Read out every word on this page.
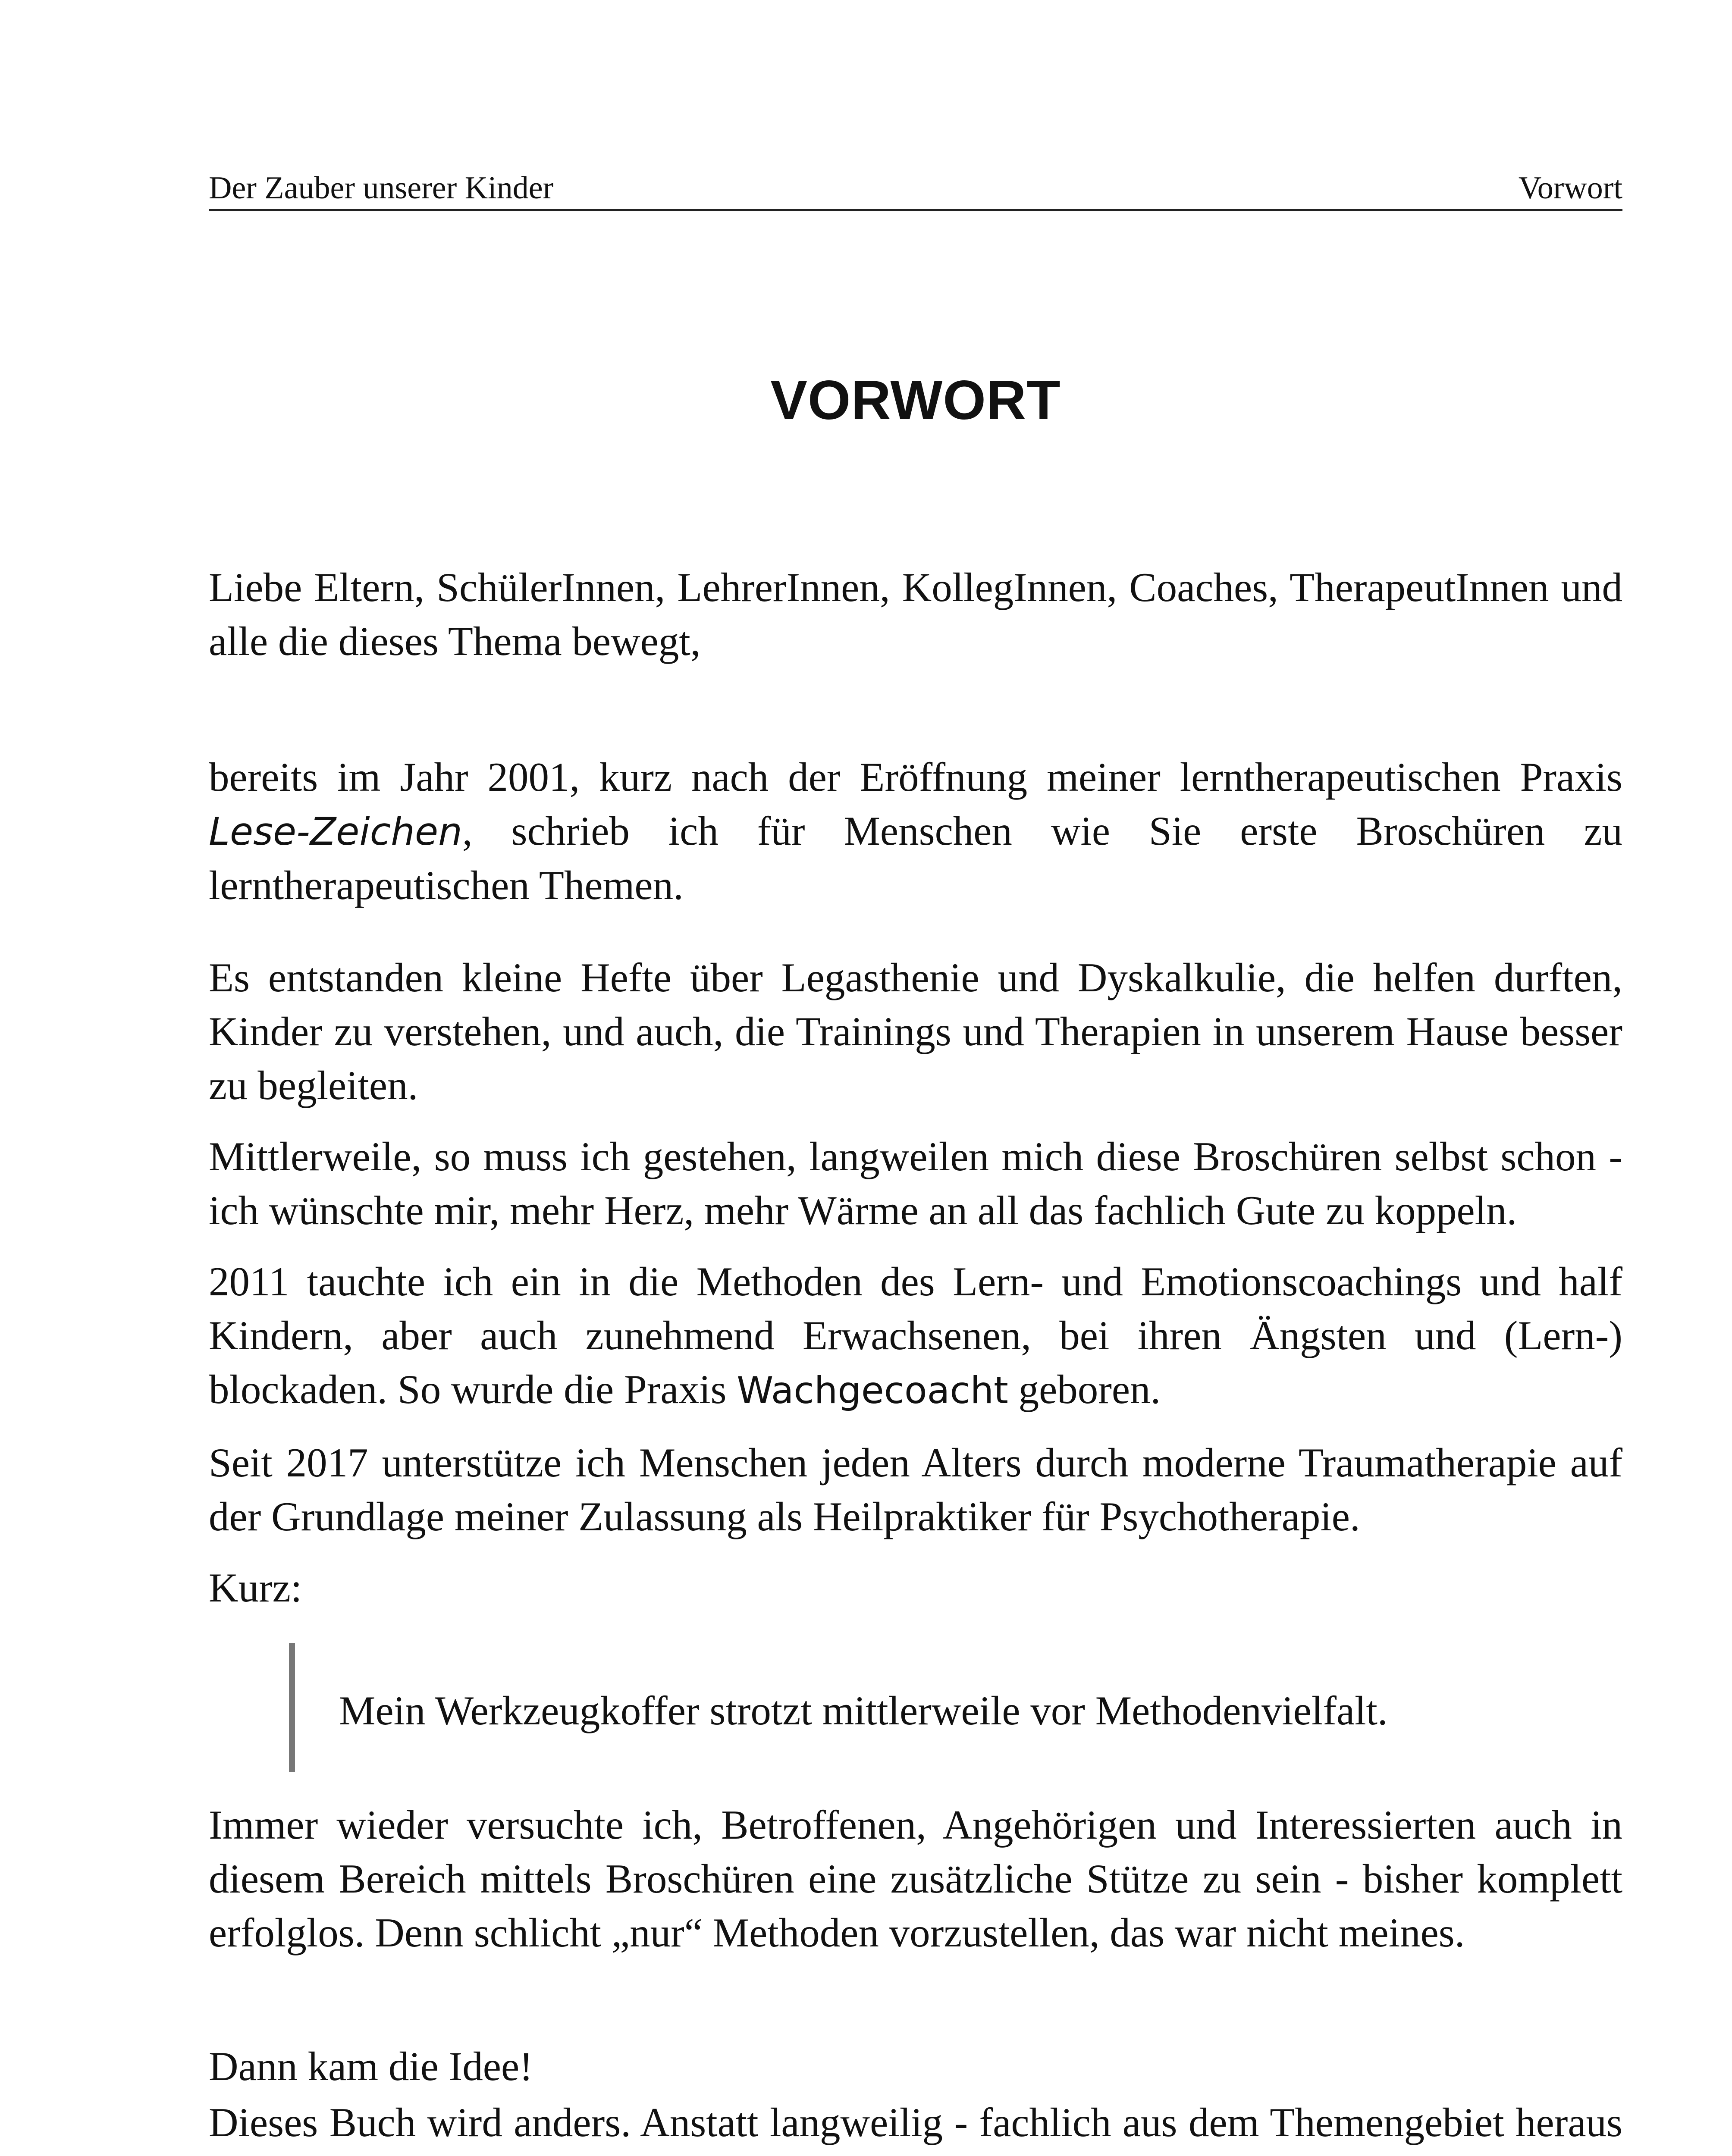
Der Zauber unserer Kinder	Vorwort
VORWORT
Liebe Eltern, SchülerInnen, LehrerInnen, KollegInnen, Coaches, TherapeutInnen und alle die dieses Thema bewegt,
bereits im Jahr 2001, kurz nach der Eröffnung meiner lerntherapeutischen Praxis Lese-Zeichen, schrieb ich für Menschen wie Sie erste Broschüren zu lerntherapeutischen Themen.
Es entstanden kleine Hefte über Legasthenie und Dyskalkulie, die helfen durften, Kinder zu verstehen, und auch, die Trainings und Therapien in unserem Hause besser zu begleiten.
Mittlerweile, so muss ich gestehen, langweilen mich diese Broschüren selbst schon - ich wünschte mir, mehr Herz, mehr Wärme an all das fachlich Gute zu koppeln.
2011 tauchte ich ein in die Methoden des Lern- und Emotionscoachings und half Kindern, aber auch zunehmend Erwachsenen, bei ihren Ängsten und (Lern-) blockaden. So wurde die Praxis Wachgecoacht geboren.
Seit 2017 unterstütze ich Menschen jeden Alters durch moderne Traumatherapie auf der Grundlage meiner Zulassung als Heilpraktiker für Psychotherapie.
Kurz:
Mein Werkzeugkoffer strotzt mittlerweile vor Methodenvielfalt.
Immer wieder versuchte ich, Betroffenen, Angehörigen und Interessierten auch in diesem Bereich mittels Broschüren eine zusätzliche Stütze zu sein - bisher komplett erfolglos. Denn schlicht „nur“ Methoden vorzustellen, das war nicht meines.
Dann kam die Idee!
Dieses Buch wird anders. Anstatt langweilig - fachlich aus dem Themengebiet heraus
